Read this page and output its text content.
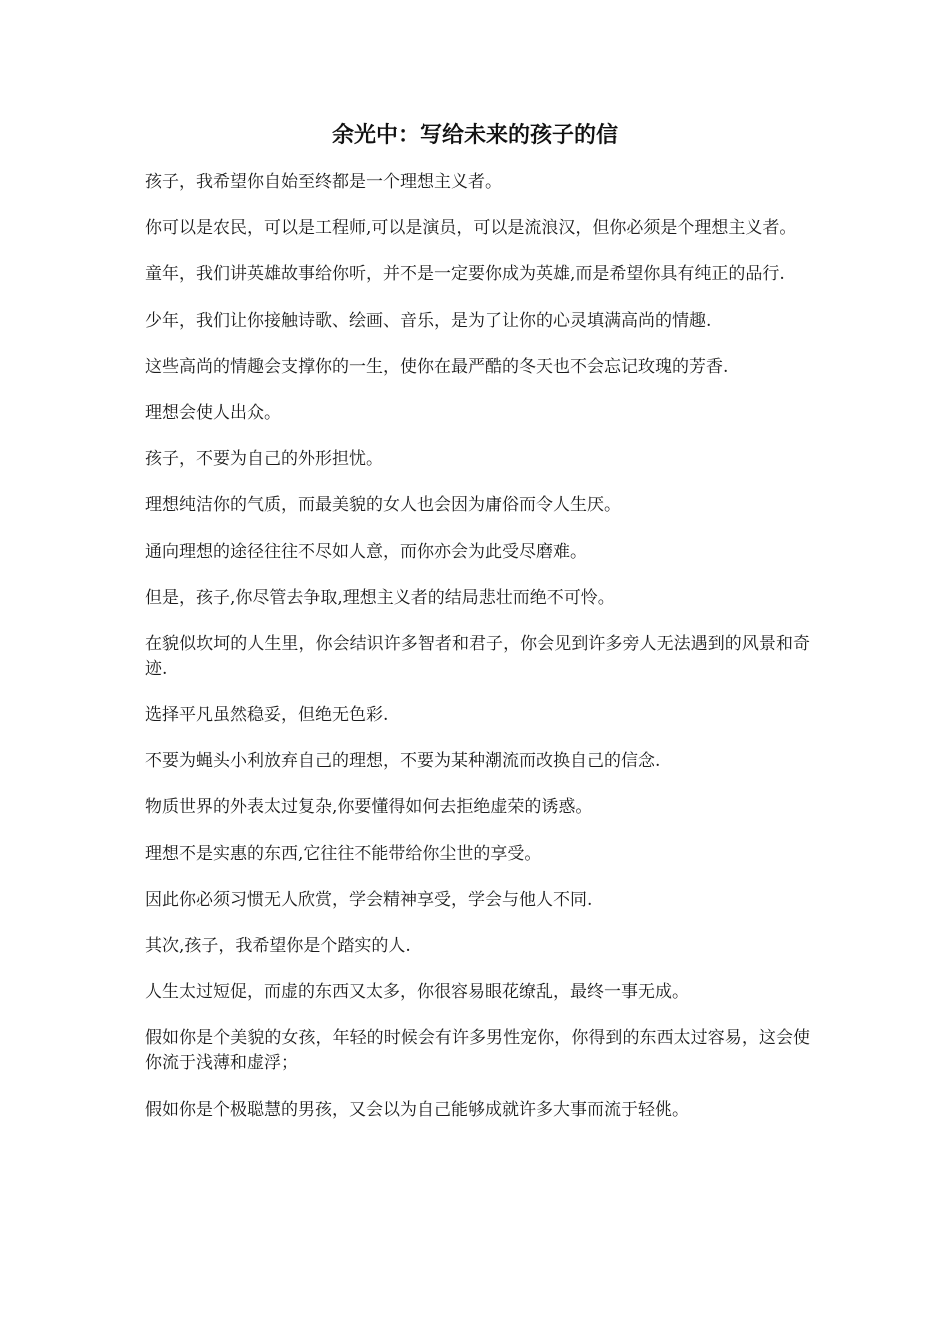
余光中：写给未来的孩子的信

孩子，我希望你自始至终都是一个理想主义者。

你可以是农民，可以是工程师,可以是演员，可以是流浪汉，但你必须是个理想主义者。

童年，我们讲英雄故事给你听，并不是一定要你成为英雄,而是希望你具有纯正的品行.

少年，我们让你接触诗歌、绘画、音乐，是为了让你的心灵填满高尚的情趣.

这些高尚的情趣会支撑你的一生，使你在最严酷的冬天也不会忘记玫瑰的芳香.

理想会使人出众。

孩子，不要为自己的外形担忧。

理想纯洁你的气质，而最美貌的女人也会因为庸俗而令人生厌。

通向理想的途径往往不尽如人意，而你亦会为此受尽磨难。

但是，孩子,你尽管去争取,理想主义者的结局悲壮而绝不可怜。

在貌似坎坷的人生里，你会结识许多智者和君子，你会见到许多旁人无法遇到的风景和奇迹.

选择平凡虽然稳妥，但绝无色彩.

不要为蝇头小利放弃自己的理想，不要为某种潮流而改换自己的信念.

物质世界的外表太过复杂,你要懂得如何去拒绝虚荣的诱惑。

理想不是实惠的东西,它往往不能带给你尘世的享受。

因此你必须习惯无人欣赏，学会精神享受，学会与他人不同.

其次,孩子，我希望你是个踏实的人.

人生太过短促，而虚的东西又太多，你很容易眼花缭乱，最终一事无成。

假如你是个美貌的女孩，年轻的时候会有许多男性宠你，你得到的东西太过容易，这会使你流于浅薄和虚浮；

假如你是个极聪慧的男孩，又会以为自己能够成就许多大事而流于轻佻。
